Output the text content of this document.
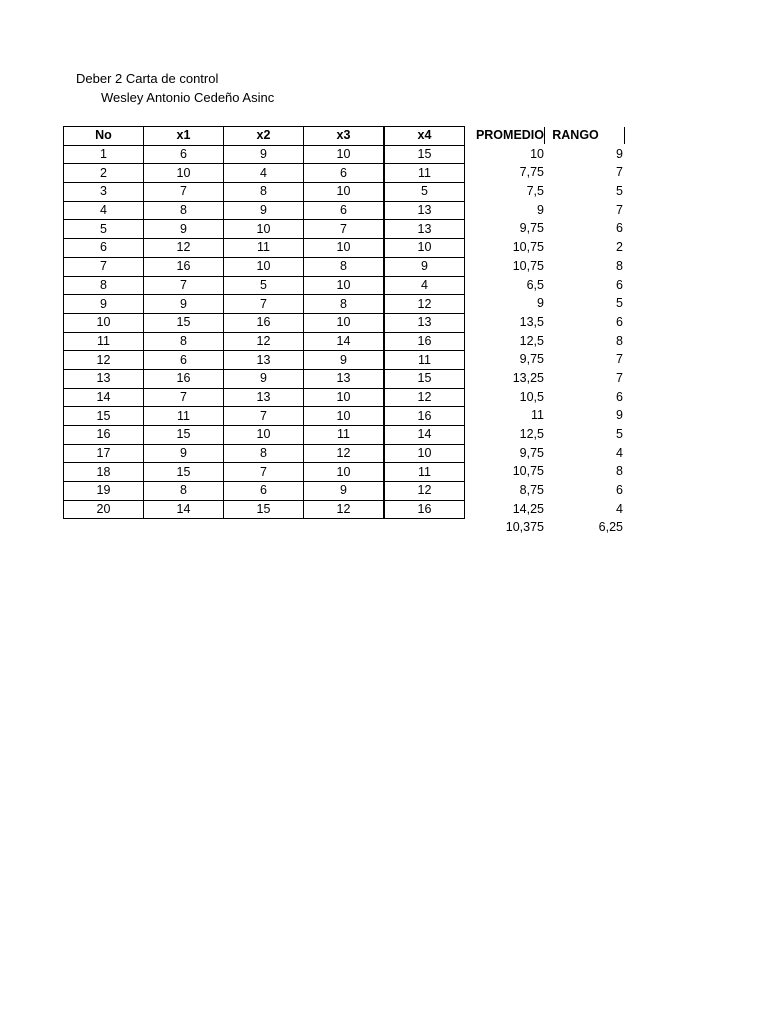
Deber 2 Carta de control
Wesley Antonio Cedeño Asinc
No	x1	x2	x3	x4
1	6	9	10	15
2	10	4	6	11
3	7	8	10	5
4	8	9	6	13
5	9	10	7	13
6	12	11	10	10
7	16	10	8	9
8	7	5	10	4
9	9	7	8	12
10	15	16	10	13
11	8	12	14	16
12	6	13	9	11
13	16	9	13	15
14	7	13	10	12
15	11	7	10	16
16	15	10	11	14
17	9	8	12	10
18	15	7	10	11
19	8	6	9	12
20	14	15	12	16
PROMEDIO RANGO
10	9
7,75	7
7,5	5
9	7
9,75	6
10,75	2
10,75	8
6,5	6
9	5
13,5	6
12,5	8
9,75	7
13,25	7
10,5	6
11	9
12,5	5
9,75	4
10,75	8
8,75	6
14,25	4
10,375	6,25
